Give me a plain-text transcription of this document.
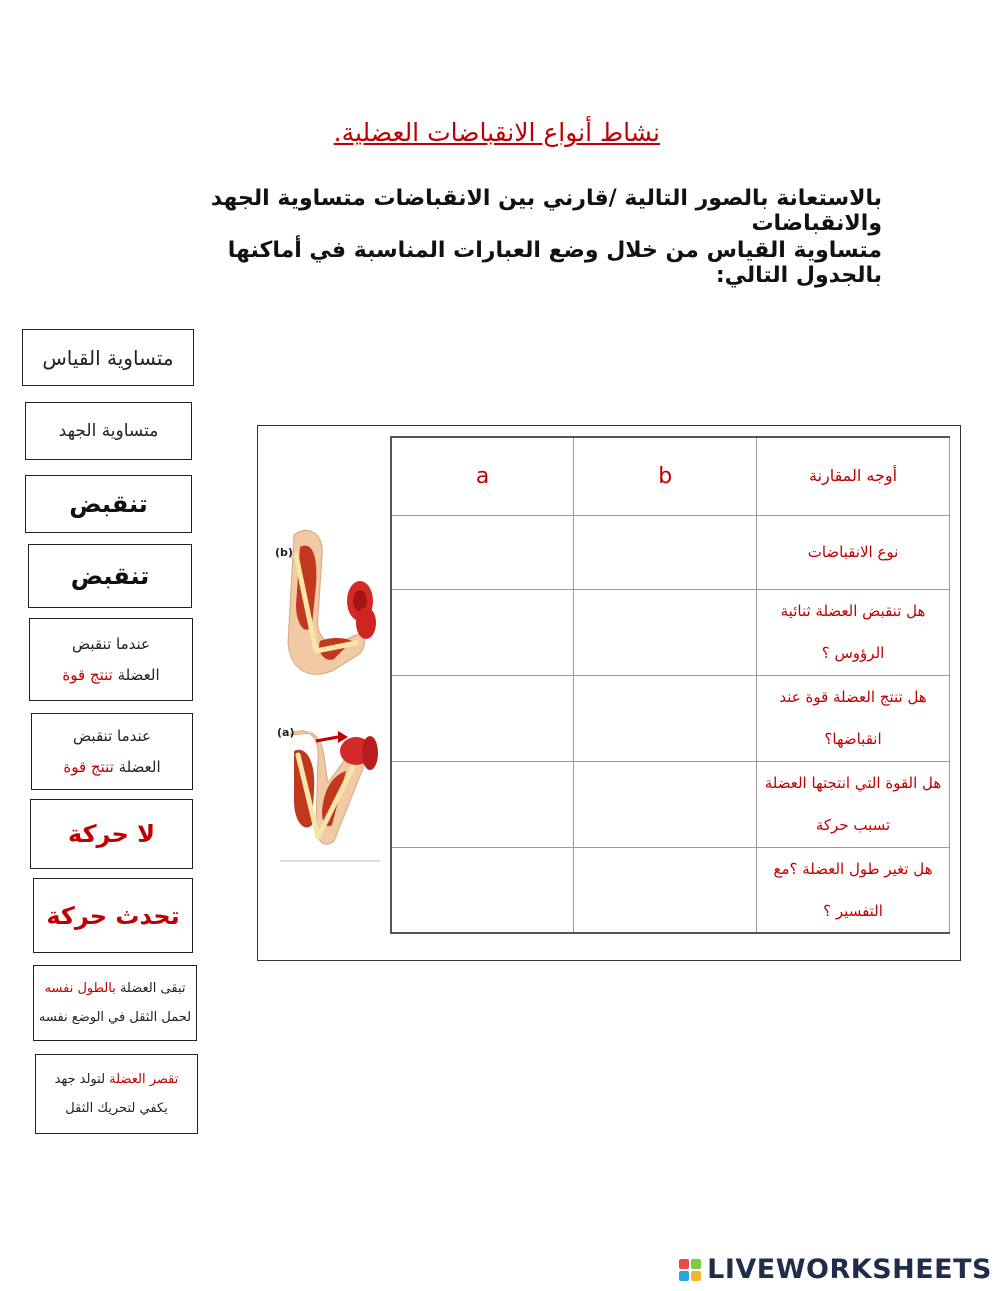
نشاط أنواع الانقباضات العضلية.
بالاستعانة بالصور التالية /قارني بين الانقباضات متساوية الجهد والانقباضات
متساوية القياس من خلال وضع العبارات المناسبة في أماكنها بالجدول التالي:
متساوية القياس
متساوية الجهد
تنقبض
تنقبض
عندما تنقبض
العضلة تنتج قوة
عندما تنقبض
العضلة تنتج قوة
لا حركة
تحدث حركة
تبقى العضلة بالطول نفسه
لحمل الثقل في الوضع نفسه
تقصر العضلة لتولد جهد
يكفي لتحريك الثقل
(b)
(a)
أوجه المقارنة	b	a
نوع الانقباضات		
هل تنقبض العضلة ثنائية الرؤوس ؟		
هل تنتج العضلة قوة عند انقباضها؟		
هل القوة التي انتجتها العضلة تسبب حركة		
هل تغير طول العضلة ؟مع التفسير ؟		
LIVEWORKSHEETS
